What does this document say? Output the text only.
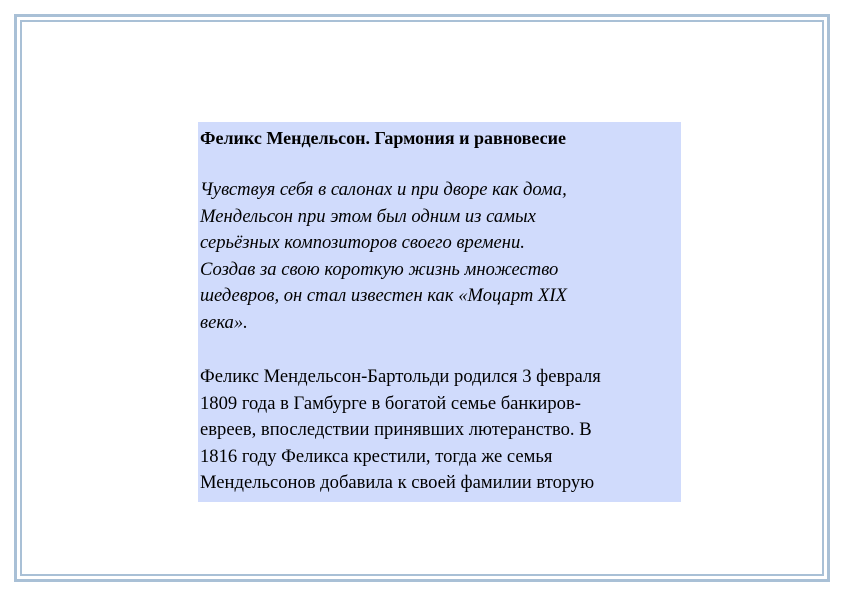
Феликс Мендельсон. Гармония и равновесие

Чувствуя себя в салонах и при дворе как дома,
Мендельсон при этом был одним из самых
серьёзных композиторов своего времени.
Создав за свою короткую жизнь множество
шедевров, он стал известен как «Моцарт XIX
века».
Феликс Мендельсон-Бартольди родился 3 февраля
1809 года в Гамбурге в богатой семье банкиров-
евреев, впоследствии принявших лютеранство. В
1816 году Феликса крестили, тогда же семья
Мендельсонов добавила к своей фамилии вторую
